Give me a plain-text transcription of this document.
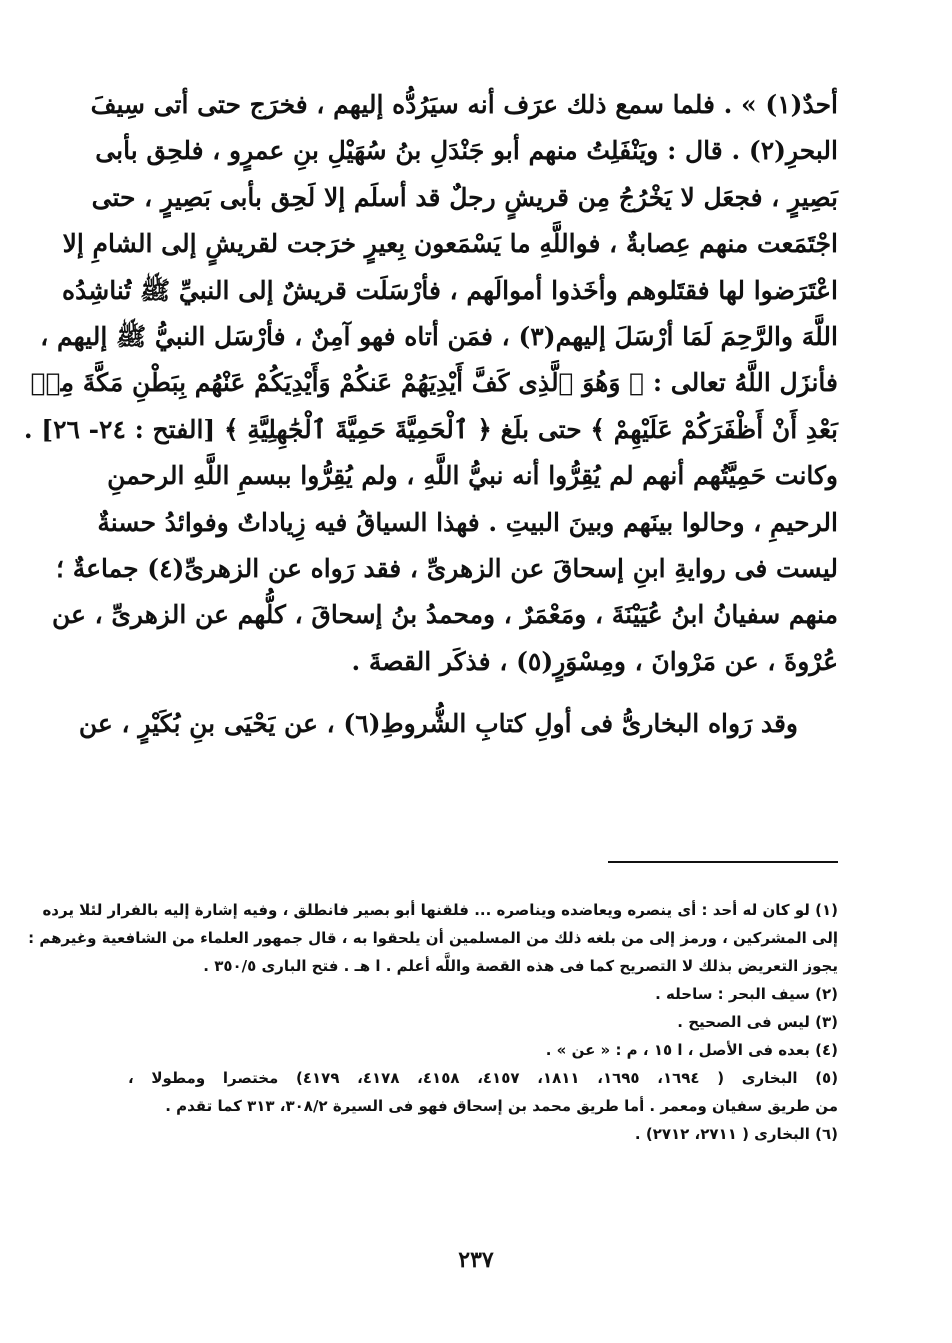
أحدٌ(١) » . فلما سمع ذلك عرَف أنه سيَرُدُّه إليهم ، فخرَج حتى أتى سِيفَ
البحرِ(٢) . قال : ويَنْفَلِتُ منهم أبو جَنْدَلِ بنُ سُهَيْلِ بنِ عمرٍو ، فلحِق بأبى
بَصِيرٍ ، فجعَل لا يَخْرُجُ مِن قريشٍ رجلٌ قد أسلَم إلا لَحِق بأبى بَصِيرٍ ، حتى
اجْتَمَعت منهم عِصابةٌ ، فواللَّهِ ما يَسْمَعون بِعيرٍ خرَجت لقريشٍ إلى الشامِ إلا
اعْتَرَضوا لها فقتَلوهم وأخَذوا أموالَهم ، فأرْسَلَت قريشٌ إلى النبيِّ ﷺ تُناشِدُه
اللَّهَ والرَّحِمَ لَمَا أرْسَلَ إليهم(٣) ، فمَن أتاه فهو آمِنٌ ، فأرْسَل النبيُّ ﷺ إليهم ،
فأنزَل اللَّهُ تعالى : ﴿ وَهُوَ ٱلَّذِى كَفَّ أَيْدِيَهُمْ عَنكُمْ وَأَيْدِيَكُمْ عَنْهُم بِبَطْنِ مَكَّةَ مِنۢ
بَعْدِ أَنْ أَظْفَرَكُمْ عَلَيْهِمْ ﴾ حتى بلَغ ﴿ ٱلْحَمِيَّةَ حَمِيَّةَ ٱلْجَٰهِلِيَّةِ ﴾ [الفتح : ٢٤- ٢٦] .
وكانت حَمِيَّتُهم أنهم لم يُقِرُّوا أنه نبيُّ اللَّهِ ، ولم يُقِرُّوا ببسمِ اللَّهِ الرحمنِ
الرحيمِ ، وحالوا بينَهم وبينَ البيتِ . فهذا السياقُ فيه زِياداتٌ وفوائدُ حسنةٌ
ليست فى روايةِ ابنِ إسحاقَ عن الزهرىِّ ، فقد رَواه عن الزهرىِّ(٤) جماعةٌ ؛
منهم سفيانُ ابنُ عُيَيْنَةَ ، ومَعْمَرٌ ، ومحمدُ بنُ إسحاقَ ، كلُّهم عن الزهرىِّ ، عن
عُرْوةَ ، عن مَرْوانَ ، ومِسْوَرٍ(٥) ، فذكَر القصةَ .
وقد رَواه البخارىُّ فى أولِ كتابِ الشُّروطِ(٦) ، عن يَحْيَى بنِ بُكَيْرٍ ، عن
(١) لو كان له أحد : أى ينصره ويعاضده ويناصره ... فلقنها أبو بصير فانطلق ، وفيه إشارة إليه بالفرار لئلا يرده
إلى المشركين ، ورمز إلى من بلغه ذلك من المسلمين أن يلحقوا به ، قال جمهور العلماء من الشافعية وغيرهم :
يجوز التعريض بذلك لا التصريح كما فى هذه القصة واللَّه أعلم . ا هـ . فتح البارى ٣٥٠/٥ .
(٢) سيف البحر : ساحله .
(٣) ليس فى الصحيح .
(٤) بعده فى الأصل ، ا ١٥ ، م : « عن » .
(٥) البخارى ( ١٦٩٤، ١٦٩٥، ١٨١١، ٤١٥٧، ٤١٥٨، ٤١٧٨، ٤١٧٩) مختصرا ومطولا ،
من طريق سفيان ومعمر . أما طريق محمد بن إسحاق فهو فى السيرة ٣٠٨/٢، ٣١٣ كما تقدم .
(٦) البخارى ( ٢٧١١، ٢٧١٢) .
٢٣٧
